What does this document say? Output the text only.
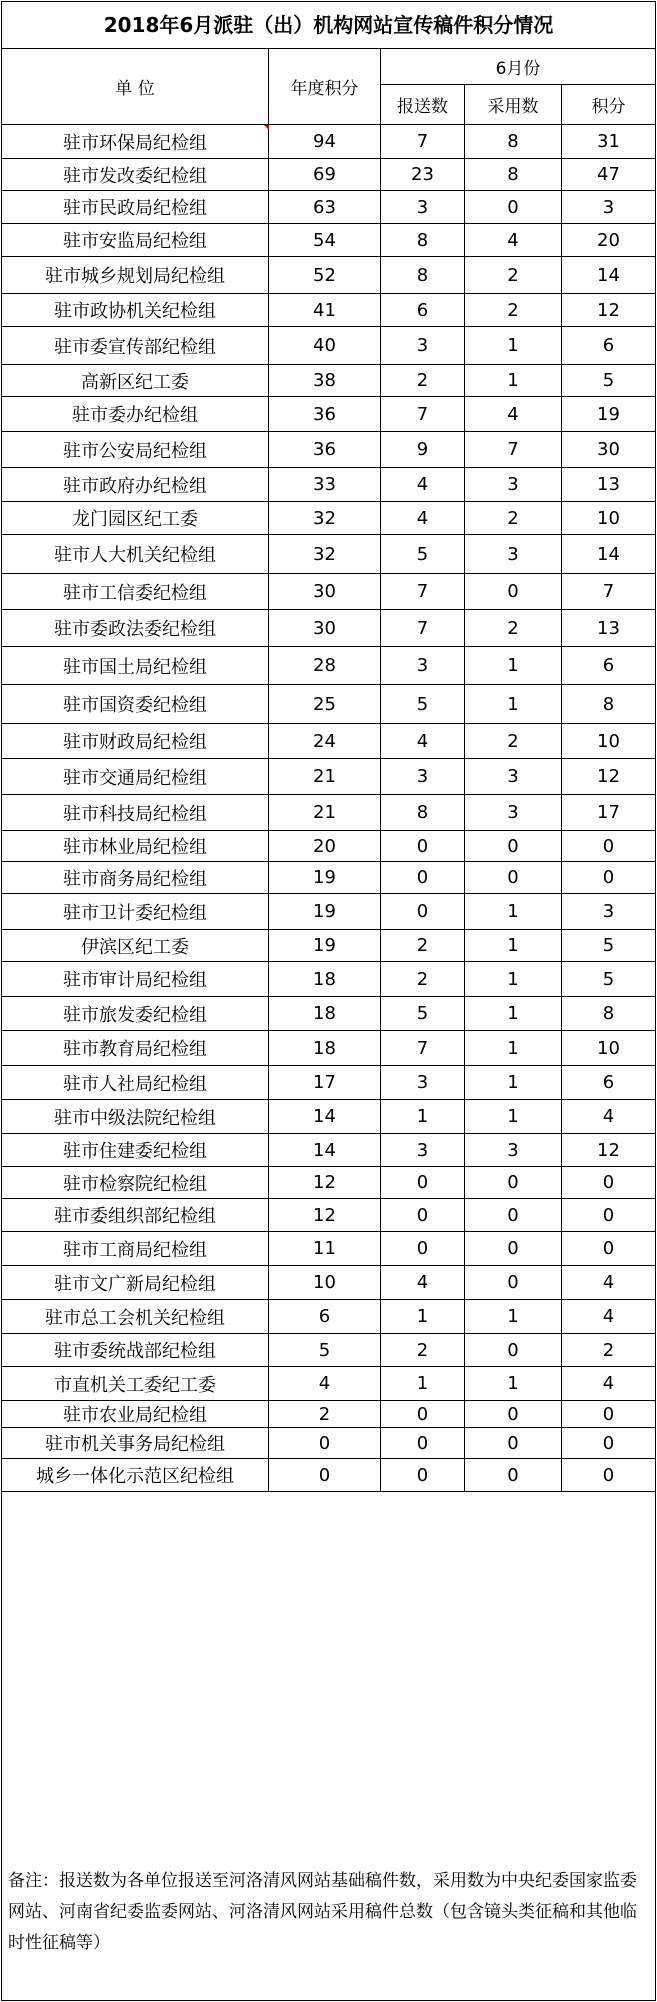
2018年6月派驻（出）机构网站宣传稿件积分情况
单 位	年度积分
6月份
报送数	采用数	积分
驻市环保局纪检组	94	7	8	31
驻市发改委纪检组	69	23	8	47
驻市民政局纪检组	63	3	0	3
驻市安监局纪检组	54	8	4	20
驻市城乡规划局纪检组	52	8	2	14
驻市政协机关纪检组	41	6	2	12
驻市委宣传部纪检组	40	3	1	6
高新区纪工委	38	2	1	5
驻市委办纪检组	36	7	4	19
驻市公安局纪检组	36	9	7	30
驻市政府办纪检组	33	4	3	13
龙门园区纪工委	32	4	2	10
驻市人大机关纪检组	32	5	3	14
驻市工信委纪检组	30	7	0	7
驻市委政法委纪检组	30	7	2	13
驻市国土局纪检组	28	3	1	6
驻市国资委纪检组	25	5	1	8
驻市财政局纪检组	24	4	2	10
驻市交通局纪检组	21	3	3	12
驻市科技局纪检组	21	8	3	17
驻市林业局纪检组	20	0	0	0
驻市商务局纪检组	19	0	0	0
驻市卫计委纪检组	19	0	1	3
伊滨区纪工委	19	2	1	5
驻市审计局纪检组	18	2	1	5
驻市旅发委纪检组	18	5	1	8
驻市教育局纪检组	18	7	1	10
驻市人社局纪检组	17	3	1	6
驻市中级法院纪检组	14	1	1	4
驻市住建委纪检组	14	3	3	12
驻市检察院纪检组	12	0	0	0
驻市委组织部纪检组	12	0	0	0
驻市工商局纪检组	11	0	0	0
驻市文广新局纪检组	10	4	0	4
驻市总工会机关纪检组	6	1	1	4
驻市委统战部纪检组	5	2	0	2
市直机关工委纪工委	4	1	1	4
驻市农业局纪检组	2	0	0	0
驻市机关事务局纪检组	0	0	0	0
城乡一体化示范区纪检组	0	0	0	0
备注：报送数为各单位报送至河洛清风网站基础稿件数，采用数为中央纪委国家监委网站、河南省纪委监委网站、河洛清风网站采用稿件总数（包含镜头类征稿和其他临时性征稿等）
